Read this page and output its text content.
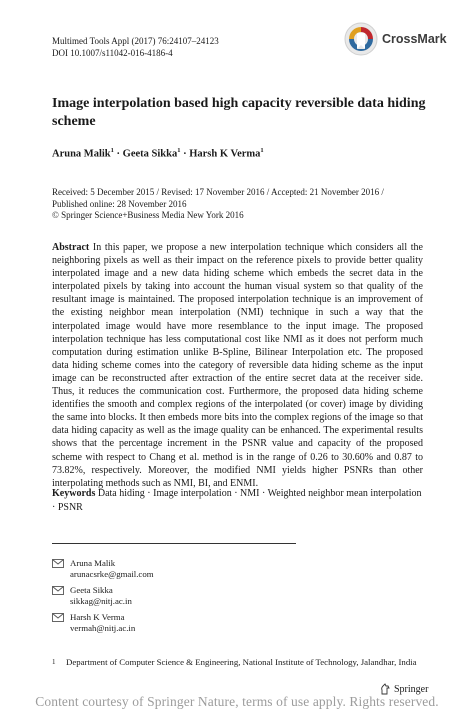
Multimed Tools Appl (2017) 76:24107–24123
DOI 10.1007/s11042-016-4186-4
CrossMark
Image interpolation based high capacity reversible data hiding scheme
Aruna Malik$^1$ · Geeta Sikka$^1$ · Harsh K Verma$^1$
Received: 5 December 2015 / Revised: 17 November 2016 / Accepted: 21 November 2016 /
Published online: 28 November 2016
© Springer Science+Business Media New York 2016
Abstract In this paper, we propose a new interpolation technique which considers all the neighboring pixels as well as their impact on the reference pixels to provide better quality interpolated image and a new data hiding scheme which embeds the secret data in the interpolated pixels by taking into account the human visual system so that quality of the resultant image is maintained. The proposed interpolation technique is an improvement of the existing neighbor mean interpolation (NMI) technique in such a way that the interpolated image would have more resemblance to the input image. The proposed interpolation technique has less computational cost like NMI as it does not perform much computation during estimation unlike B-Spline, Bilinear Interpolation etc. The proposed data hiding scheme comes into the category of reversible data hiding scheme as the input image can be reconstructed after extraction of the entire secret data at the receiver side. Thus, it reduces the communication cost. Furthermore, the proposed data hiding scheme identifies the smooth and complex regions of the interpolated (or cover) image by dividing the same into blocks. It then embeds more bits into the complex regions of the image so that data hiding capacity as well as the image quality can be enhanced. The experimental results shows that the percentage increment in the PSNR value and capacity of the proposed scheme with respect to Chang et al. method is in the range of 0.26 to 30.60% and 0.87 to 73.82%, respectively. Moreover, the modified NMI yields higher PSNRs than other interpolating methods such as NMI, BI, and ENMI.
Keywords Data hiding · Image interpolation · NMI · Weighted neighbor mean interpolation · PSNR
Aruna Malik
arunacsrke@gmail.com
Geeta Sikka
sikkag@nitj.ac.in
Harsh K Verma
vermah@nitj.ac.in
1	Department of Computer Science & Engineering, National Institute of Technology, Jalandhar, India
Springer
Content courtesy of Springer Nature, terms of use apply. Rights reserved.
